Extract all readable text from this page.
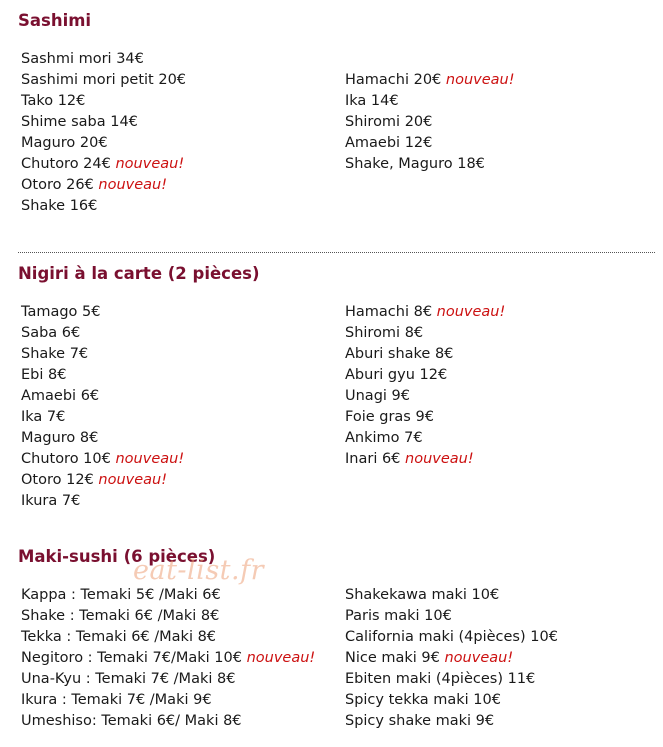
Sashimi
Sashmi mori 34€
Sashimi mori petit 20€
Tako 12€
Shime saba 14€
Maguro 20€
Chutoro 24€ nouveau!
Otoro 26€ nouveau!
Shake 16€
Hamachi 20€ nouveau!
Ika 14€
Shiromi 20€
Amaebi 12€
Shake, Maguro 18€
Nigiri à la carte (2 pièces)
Tamago 5€
Saba 6€
Shake 7€
Ebi 8€
Amaebi 6€
Ika 7€
Maguro 8€
Chutoro 10€ nouveau!
Otoro 12€ nouveau!
Ikura 7€
Hamachi 8€ nouveau!
Shiromi 8€
Aburi shake 8€
Aburi gyu 12€
Unagi 9€
Foie gras 9€
Ankimo 7€
Inari 6€ nouveau!
Maki-sushi (6 pièces)
Kappa : Temaki 5€ /Maki 6€
Shake : Temaki 6€ /Maki 8€
Tekka : Temaki 6€ /Maki 8€
Negitoro : Temaki 7€/Maki 10€ nouveau!
Una-Kyu : Temaki 7€ /Maki 8€
Ikura : Temaki 7€ /Maki 9€
Umeshiso: Temaki 6€/ Maki 8€
Shakekawa maki 10€
Paris maki 10€
California maki (4pièces) 10€
Nice maki 9€ nouveau!
Ebiten maki (4pièces) 11€
Spicy tekka maki 10€
Spicy shake maki 9€
eat-list.fr
